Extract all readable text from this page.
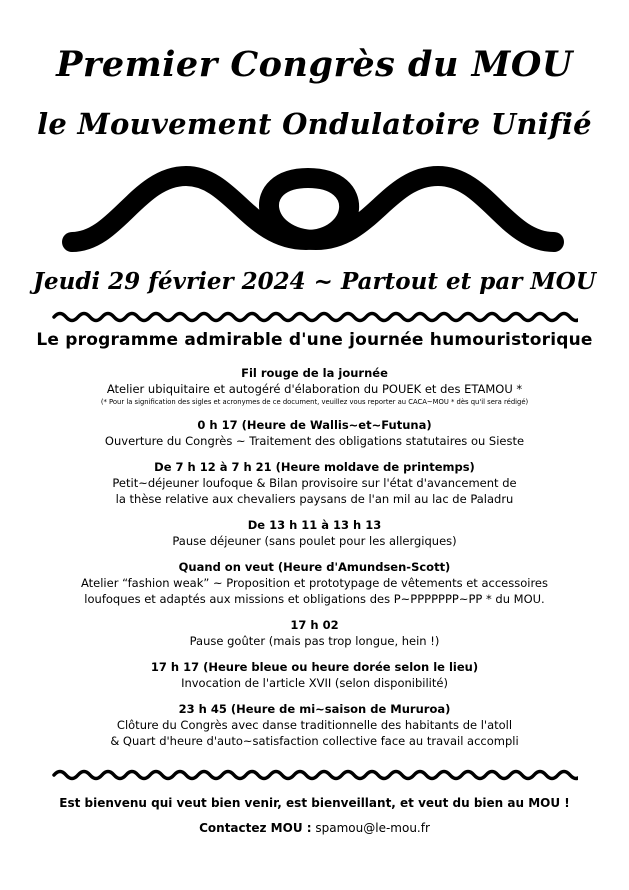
Premier Congrès du MOU
le Mouvement Ondulatoire Unifié
Jeudi 29 février 2024 ~ Partout et par MOU
Le programme admirable d'une journée humouristorique
Fil rouge de la journée
Atelier ubiquitaire et autogéré d'élaboration du POUEK et des ETAMOU *
(* Pour la signification des sigles et acronymes de ce document, veuillez vous reporter au CACA~MOU * dès qu'il sera rédigé)
0 h 17 (Heure de Wallis~et~Futuna)
Ouverture du Congrès ~ Traitement des obligations statutaires ou Sieste
De 7 h 12 à 7 h 21 (Heure moldave de printemps)
Petit~déjeuner loufoque & Bilan provisoire sur l'état d'avancement de
la thèse relative aux chevaliers paysans de l'an mil au lac de Paladru
De 13 h 11 à 13 h 13
Pause déjeuner (sans poulet pour les allergiques)
Quand on veut (Heure d'Amundsen-Scott)
Atelier “fashion weak” ~ Proposition et prototypage de vêtements et accessoires
loufoques et adaptés aux missions et obligations des P~PPPPPPP~PP * du MOU.
17 h 02
Pause goûter (mais pas trop longue, hein !)
17 h 17 (Heure bleue ou heure dorée selon le lieu)
Invocation de l'article XVII (selon disponibilité)
23 h 45 (Heure de mi~saison de Mururoa)
Clôture du Congrès avec danse traditionnelle des habitants de l'atoll
& Quart d'heure d'auto~satisfaction collective face au travail accompli
Est bienvenu qui veut bien venir, est bienveillant, et veut du bien au MOU !
Contactez MOU : spamou@le-mou.fr
